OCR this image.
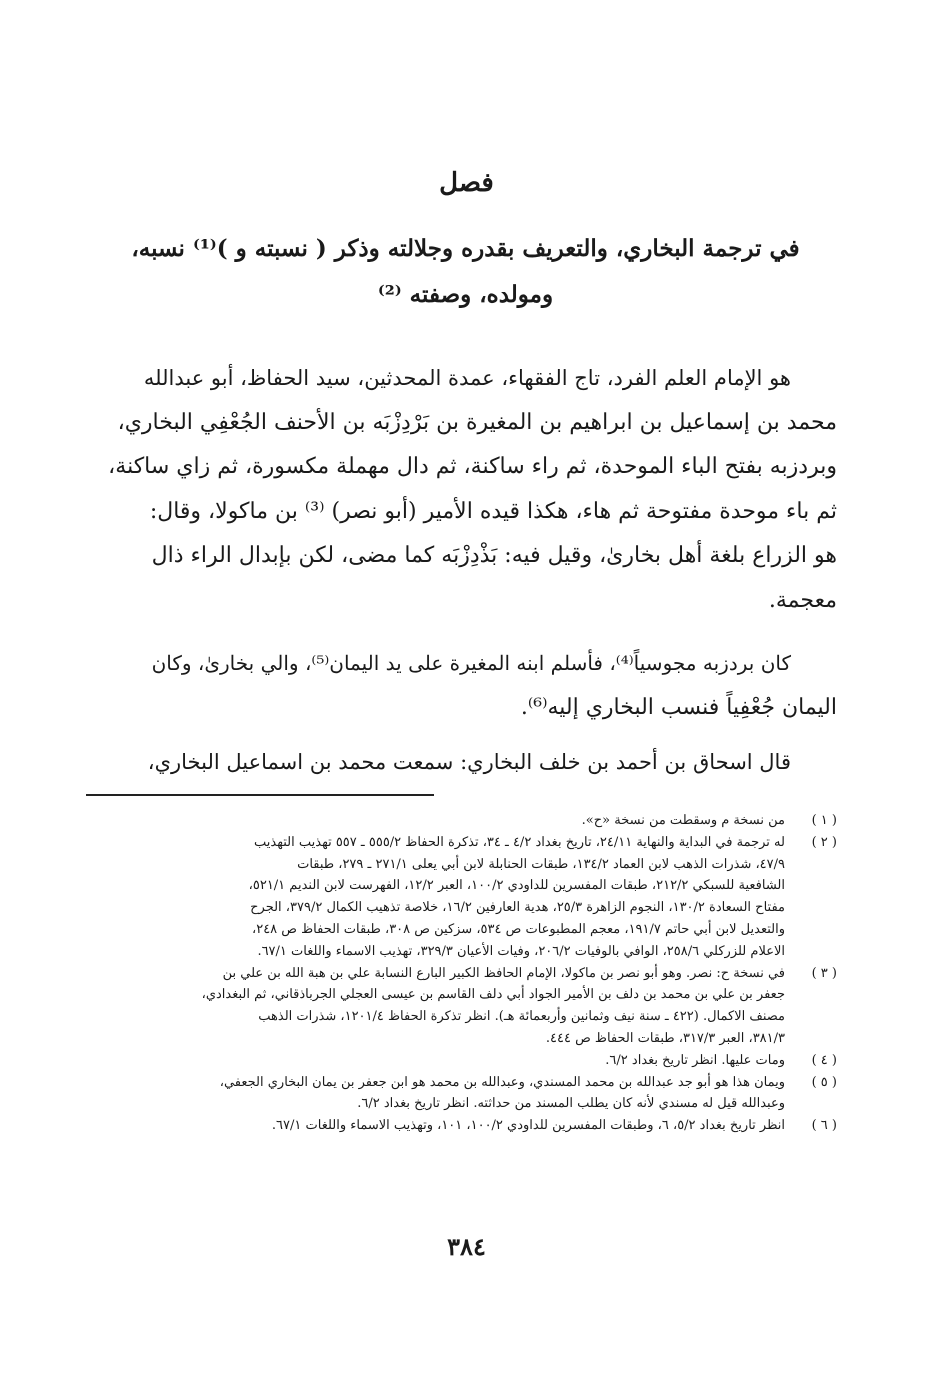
فصل
في ترجمة البخاري، والتعريف بقدره وجلالته وذكر ( نسبته و )⁽¹⁾ نسبه،
ومولده، وصفته ⁽²⁾

هو الإمام العلم الفرد، تاج الفقهاء، عمدة المحدثين، سيد الحفاظ، أبو عبدالله
محمد بن إسماعيل بن ابراهيم بن المغيرة بن بَرْدِزْبَه بن الأحنف الجُعْفِي البخاري،
وبردزبه بفتح الباء الموحدة، ثم راء ساكنة، ثم دال مهملة مكسورة، ثم زاي ساكنة،
ثم باء موحدة مفتوحة ثم هاء، هكذا قيده الأمير (أبو نصر) ⁽³⁾ بن ماكولا، وقال:
هو الزراع بلغة أهل بخارىٰ، وقيل فيه: بَذْدِزْبَه كما مضى، لكن بإبدال الراء ذال
معجمة.

كان بردزبه مجوسياً⁽⁴⁾، فأسلم ابنه المغيرة على يد اليمان⁽⁵⁾، والي بخارىٰ، وكان
اليمان جُعْفِياً فنسب البخاري إليه⁽⁶⁾.

قال اسحاق بن أحمد بن خلف البخاري: سمعت محمد بن اسماعيل البخاري،

( ١ )
من نسخة م وسقطت من نسخة «ح».
( ٢ )
له ترجمة في البداية والنهاية ٢٤/١١، تاريخ بغداد ٤/٢ ـ ٣٤، تذكرة الحفاظ ٥٥٥/٢ ـ ٥٥٧ تهذيب التهذيب
٤٧/٩، شذرات الذهب لابن العماد ١٣٤/٢، طبقات الحنابلة لابن أبي يعلى ٢٧١/١ ـ ٢٧٩، طبقات
الشافعية للسبكي ٢١٢/٢، طبقات المفسرين للداودي ١٠٠/٢، العبر ١٢/٢، الفهرست لابن النديم ٥٢١/١،
مفتاح السعادة ١٣٠/٢، النجوم الزاهرة ٢٥/٣، هدية العارفين ١٦/٢، خلاصة تذهيب الكمال ٣٧٩/٢، الجرح
والتعديل لابن أبي حاتم ١٩١/٧، معجم المطبوعات ص ٥٣٤، سزكين ص ٣٠٨، طبقات الحفاظ ص ٢٤٨،
الاعلام للزركلي ٢٥٨/٦، الوافي بالوفيات ٢٠٦/٢، وفيات الأعيان ٣٢٩/٣، تهذيب الاسماء واللغات ٦٧/١.
( ٣ )
في نسخة ح: نصر. وهو أبو نصر بن ماكولا، الإمام الحافظ الكبير البارع النسابة علي بن هبة الله بن علي بن
جعفر بن علي بن محمد بن دلف بن الأمير الجواد أبي دلف القاسم بن عيسى العجلي الجرباذقاني، ثم البغدادي،
مصنف الاكمال. (٤٢٢ ـ سنة نيف وثمانين وأربعمائة هـ). انظر تذكرة الحفاظ ١٢٠١/٤، شذرات الذهب
٣٨١/٣، العبر ٣١٧/٣، طبقات الحفاظ ص ٤٤٤.
( ٤ )
ومات عليها. انظر تاريخ بغداد ٦/٢.
( ٥ )
ويمان هذا هو أبو جد عبدالله بن محمد المسندي، وعبدالله بن محمد هو ابن جعفر بن يمان البخاري الجعفي،
وعبدالله قيل له مسندي لأنه كان يطلب المسند من حداثته. انظر تاريخ بغداد ٦/٢.
( ٦ )
انظر تاريخ بغداد ٥/٢، ٦، وطبقات المفسرين للداودي ١٠٠/٢، ١٠١، وتهذيب الاسماء واللغات ٦٧/١.
٣٨٤
